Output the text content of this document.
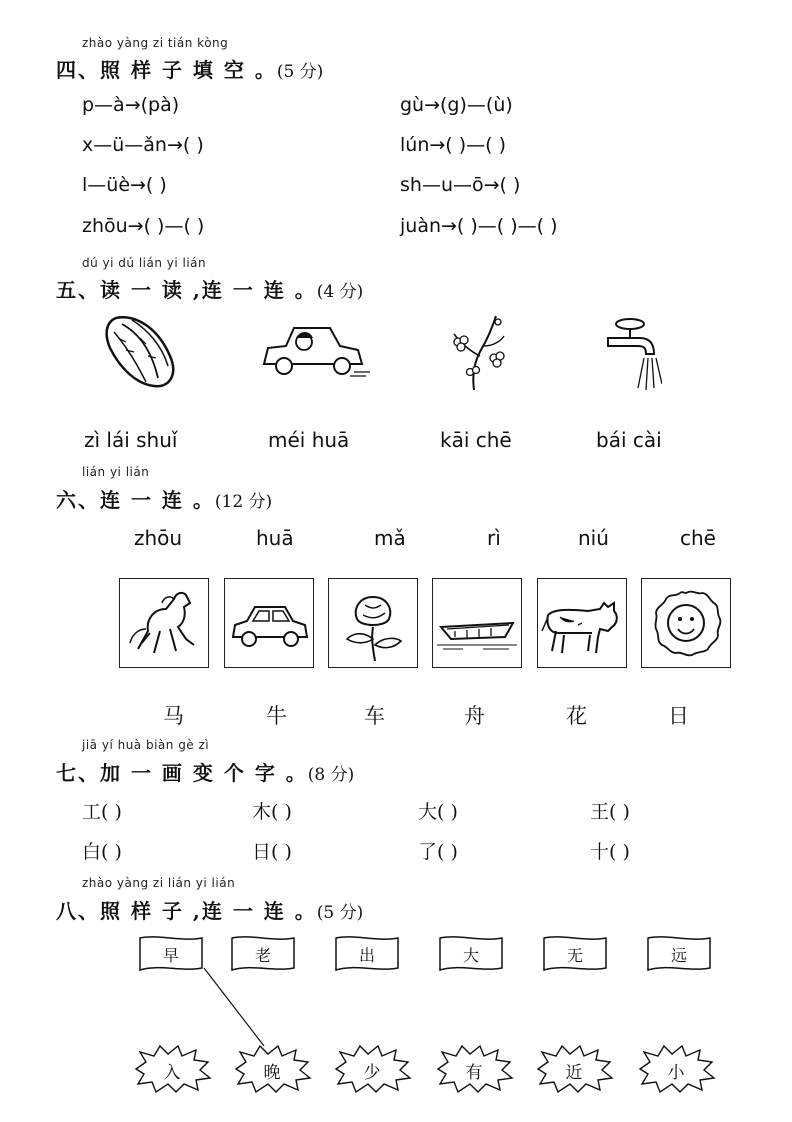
zhào yàng zi tián kòng
四、照 样 子 填 空 。(5 分)
p—à→(pà)	gù→(g)—(ù)
x—ü—ǎn→( )	lún→( )—( )
l—üè→( )	sh—u—ō→( )
zhōu→( )—( )	juàn→( )—( )—( )
dú yi dú lián yi lián
五、读 一 读 ,连 一 连 。(4 分)
zì lái shuǐ	méi huā	kāi chē	bái cài
lián yi lián
六、连 一 连 。(12 分)
zhōu	huā	mǎ	rì	niú	chē
马	牛	车	舟	花	日
jiā yí huà biàn gè zì
七、加 一 画 变 个 字 。(8 分)
工( )	木( )	大( )	王( )
白( )	日( )	了( )	十( )
zhào yàng zi lián yi lián
八、照 样 子 ,连 一 连 。(5 分)
早	老	出	大	无	远
入	晚	少	有	近	小
